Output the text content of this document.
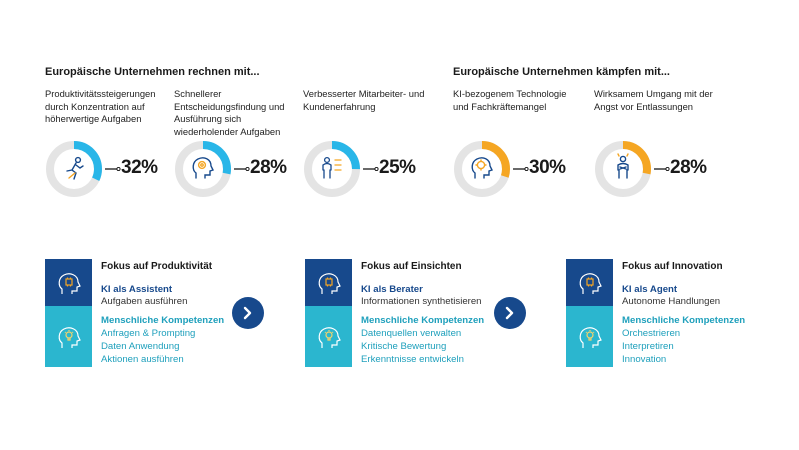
Europäische Unternehmen rechnen mit...	Europäische Unternehmen kämpfen mit...
Produktivitätssteigerungen durch Konzentration auf höherwertige Aufgaben
32%
Schnellerer Entscheidungsfindung und Ausführung sich wiederholender Aufgaben
28%
Verbesserter Mitarbeiter- und Kundenerfahrung
25%
KI-bezogenem Technologie und Fachkräftemangel
30%
Wirksamem Umgang mit der Angst vor Entlassungen
28%
Fokus auf Produktivität
KI als Assistent
Aufgaben ausführen
Menschliche Kompetenzen
Anfragen & Prompting
Daten Anwendung
Aktionen ausführen
Fokus auf Einsichten
KI als Berater
Informationen synthetisieren
Menschliche Kompetenzen
Datenquellen verwalten
Kritische Bewertung
Erkenntnisse entwickeln
Fokus auf Innovation
KI als Agent
Autonome Handlungen
Menschliche Kompetenzen
Orchestrieren
Interpretiren
Innovation
